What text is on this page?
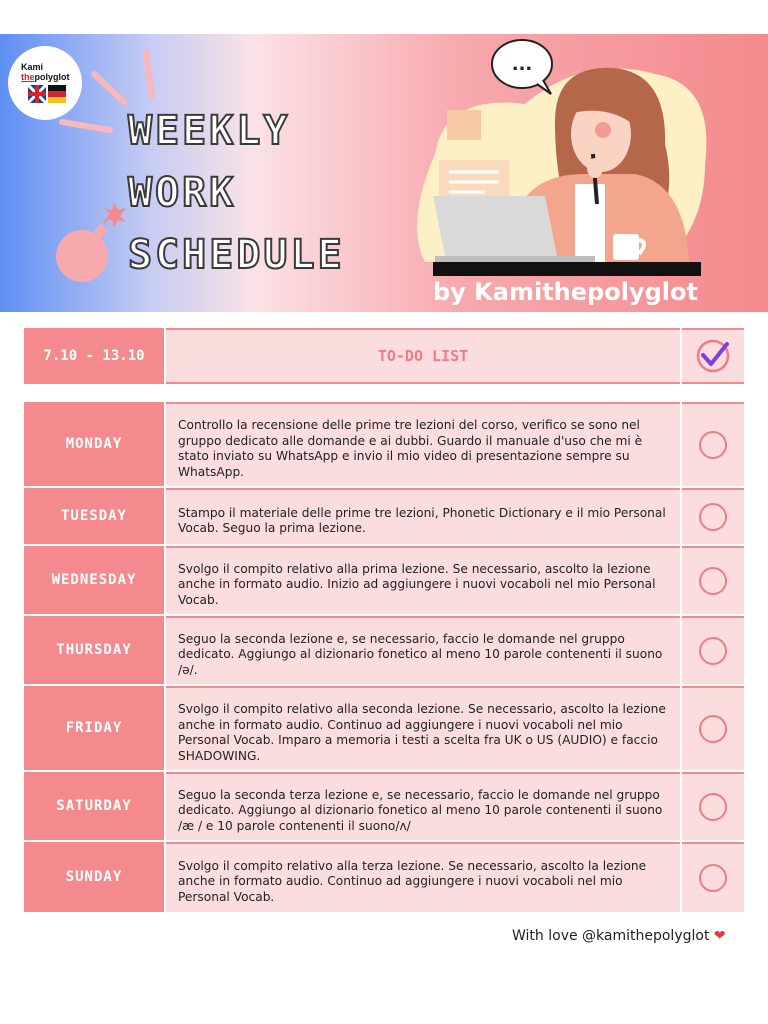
Kami
thepolyglot
WEEKLY
WORK
SCHEDULE
...

by Kamithepolyglot

7.10 - 13.10	TO-DO LIST
MONDAY
Controllo la recensione delle prime tre lezioni del corso, verifico se sono nel gruppo dedicato alle domande e ai dubbi. Guardo il manuale d'uso che mi è stato inviato su WhatsApp e invio il mio video di presentazione sempre su WhatsApp.
TUESDAY	Stampo il materiale delle prime tre lezioni, Phonetic Dictionary e il mio Personal Vocab. Seguo la prima lezione.
WEDNESDAY
Svolgo il compito relativo alla prima lezione. Se necessario, ascolto la lezione anche in formato audio. Inizio ad aggiungere i nuovi vocaboli nel mio Personal Vocab.
THURSDAY
Seguo la seconda lezione e, se necessario, faccio le domande nel gruppo dedicato. Aggiungo al dizionario fonetico al meno 10 parole contenenti il suono /ə/.
FRIDAY
Svolgo il compito relativo alla seconda lezione. Se necessario, ascolto la lezione anche in formato audio. Continuo ad aggiungere i nuovi vocaboli nel mio Personal Vocab. Imparo a memoria i testi a scelta fra UK o US (AUDIO) e faccio SHADOWING.
SATURDAY
Seguo la seconda terza lezione e, se necessario, faccio le domande nel gruppo dedicato. Aggiungo al dizionario fonetico al meno 10 parole contenenti il suono /æ / e 10 parole contenenti il suono/ʌ/
SUNDAY
Svolgo il compito relativo alla terza lezione. Se necessario, ascolto la lezione anche in formato audio. Continuo ad aggiungere i nuovi vocaboli nel mio Personal Vocab.
With love @kamithepolyglot ❤
